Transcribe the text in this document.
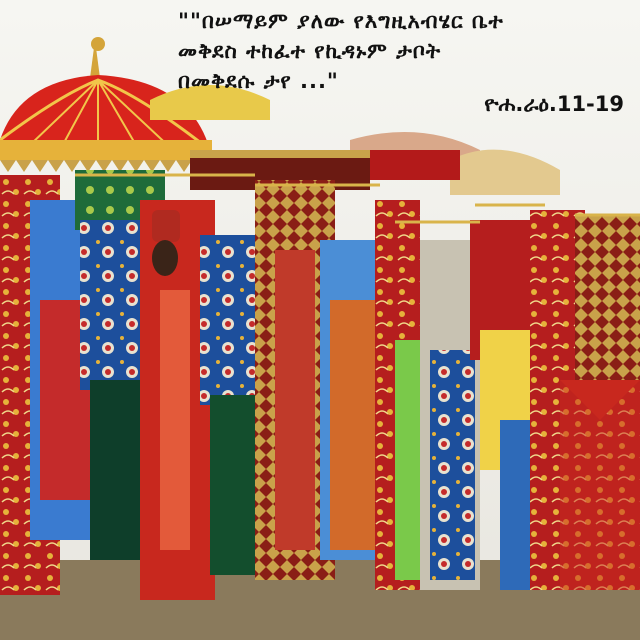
""በሠማይም ያለው የእግዚአብሄር ቤተ
መቅደስ ተከፈተ የኪዳኑም ታቦት
በመቅደሱ ታየ ..."
ዮሐ.ራዕ.11-19
